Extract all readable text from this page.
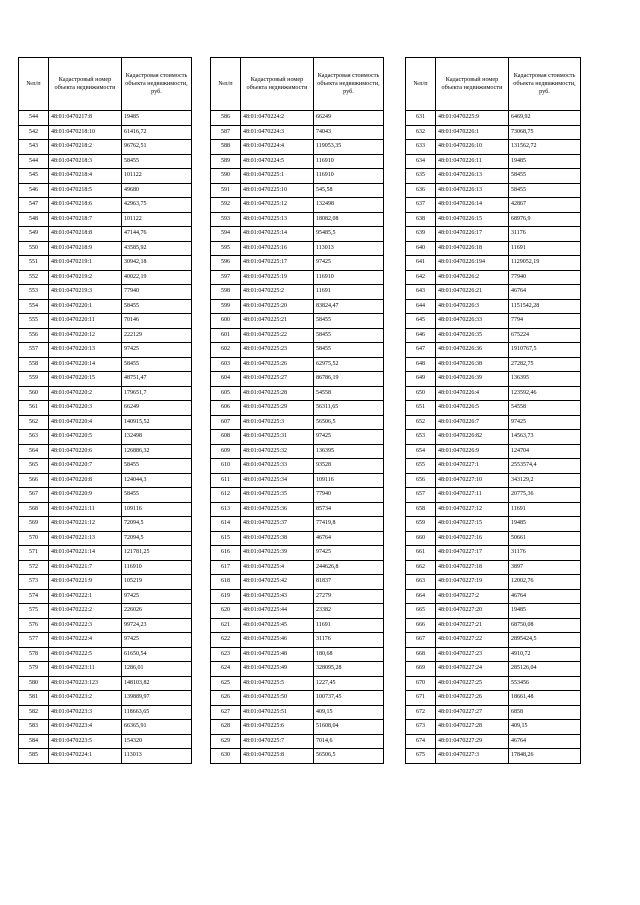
№п/п	Кадастровый номер объекта недвижимости	Кадастровая стоимость объекта недвижимости, руб.
544	48:01:0470217:8	19485
542	48:01:0470218:10	61416,72
543	48:01:0470218:2	96762,51
544	48:01:0470218:3	58455
545	48:01:0470218:4	101122
546	48:01:0470218:5	49680
547	48:01:0470218:6	42963,75
548	48:01:0470218:7	101122
549	48:01:0470218:8	47144,76
550	48:01:0470218:9	43585,92
551	48:01:0470219:1	30942,18
552	48:01:0470219:2	40022,19
553	48:01:0470219:3	77940
554	48:01:0470220:1	58455
555	48:01:0470220:11	70146
556	48:01:0470220:12	222129
557	48:01:0470220:13	97425
558	48:01:0470220:14	58455
559	48:01:0470220:15	48751,47
560	48:01:0470220:2	179651,7
561	48:01:0470220:3	66249
562	48:01:0470220:4	140915,52
563	48:01:0470220:5	132498
564	48:01:0470220:6	126886,32
565	48:01:0470220:7	58455
566	48:01:0470220:8	124044,3
567	48:01:0470220:9	58455
568	48:01:0470221:11	109116
569	48:01:0470221:12	72094,5
570	48:01:0470221:13	72094,5
571	48:01:0470221:14	121781,25
572	48:01:0470221:7	116910
573	48:01:0470221:9	105219
574	48:01:0470222:1	97425
575	48:01:0470222:2	226026
576	48:01:0470222:3	99724,23
577	48:01:0470222:4	97425
578	48:01:0470222:5	61650,54
579	48:01:0470223:11	1286,01
580	48:01:0470223:123	148103,82
581	48:01:0470223:2	139889,97
582	48:01:0470223:3	118663,65
583	48:01:0470223:4	66365,91
584	48:01:0470223:5	154320
585	48:01:0470224:1	113013
№п/п	Кадастровый номер объекта недвижимости	Кадастровая стоимость объекта недвижимости, руб.
586	48:01:0470224:2	66249
587	48:01:0470224:3	74043
588	48:01:0470224:4	119053,35
589	48:01:0470224:5	116910
590	48:01:0470225:1	116910
591	48:01:0470225:10	545,58
592	48:01:0470225:12	132498
593	48:01:0470225:13	18082,08
594	48:01:0470225:14	95485,5
595	48:01:0470225:16	113013
596	48:01:0470225:17	97425
597	48:01:0470225:19	116910
598	48:01:0470225:2	11691
599	48:01:0470225:20	83824,47
600	48:01:0470225:21	58455
601	48:01:0470225:22	58455
602	48:01:0470225:23	58455
603	48:01:0470225:26	62975,52
604	48:01:0470225:27	86786,19
605	48:01:0470225:28	54558
606	48:01:0470225:29	56311,65
607	48:01:0470225:3	56506,5
608	48:01:0470225:31	97425
609	48:01:0470225:32	136395
610	48:01:0470225:33	93528
611	48:01:0470225:34	109116
612	48:01:0470225:35	77940
613	48:01:0470225:36	85734
614	48:01:0470225:37	77419,8
615	48:01:0470225:38	46764
616	48:01:0470225:39	97425
617	48:01:0470225:4	244626,8
618	48:01:0470225:42	81837
619	48:01:0470225:43	27279
620	48:01:0470225:44	23382
621	48:01:0470225:45	11691
622	48:01:0470225:46	31176
623	48:01:0470225:48	180,68
624	48:01:0470225:49	328095,28
625	48:01:0470225:5	1227,45
626	48:01:0470225:50	100737,45
627	48:01:0470225:51	409,15
628	48:01:0470225:6	51608,04
629	48:01:0470225:7	7014,6
630	48:01:0470225:8	56506,5
№п/п	Кадастровый номер объекта недвижимости	Кадастровая стоимость объекта недвижимости, руб.
631	48:01:0470225:9	6469,92
632	48:01:0470226:1	73068,75
633	48:01:0470226:10	131562,72
634	48:01:0470226:11	19485
635	48:01:0470226:13	58455
636	48:01:0470226:13	58455
637	48:01:0470226:14	42867
638	48:01:0470226:15	68976,9
639	48:01:0470226:17	31176
640	48:01:0470226:18	11691
641	48:01:0470226:194	1129052,19
642	48:01:0470226:2	77940
643	48:01:0470226:21	46764
644	48:01:0470226:3	1151542,28
645	48:01:0470226:33	7794
646	48:01:0470226:35	675224
647	48:01:0470226:36	1910767,5
648	48:01:0470226:38	27282,75
649	48:01:0470226:39	136395
650	48:01:0470226:4	123592,46
651	48:01:0470226:5	54558
652	48:01:0470226:7	97425
653	48:01:0470226:82	14563,73
654	48:01:0470226:9	124704
655	48:01:0470227:1	2553574,4
656	48:01:0470227:10	343129,2
657	48:01:0470227:11	20775,36
658	48:01:0470227:12	11691
659	48:01:0470227:15	19485
660	48:01:0470227:16	50661
661	48:01:0470227:17	31176
662	48:01:0470227:18	3897
663	48:01:0470227:19	12002,76
664	48:01:0470227:2	46764
665	48:01:0470227:20	19485
666	48:01:0470227:21	68750,08
667	48:01:0470227:22	2895424,5
668	48:01:0470227:23	4910,72
669	48:01:0470227:24	285126,04
670	48:01:0470227:25	553456
671	48:01:0470227:26	18661,48
672	48:01:0470227:27	6858
673	48:01:0470227:28	409,15
674	48:01:0470227:29	46764
675	48:01:0470227:3	17848,26
